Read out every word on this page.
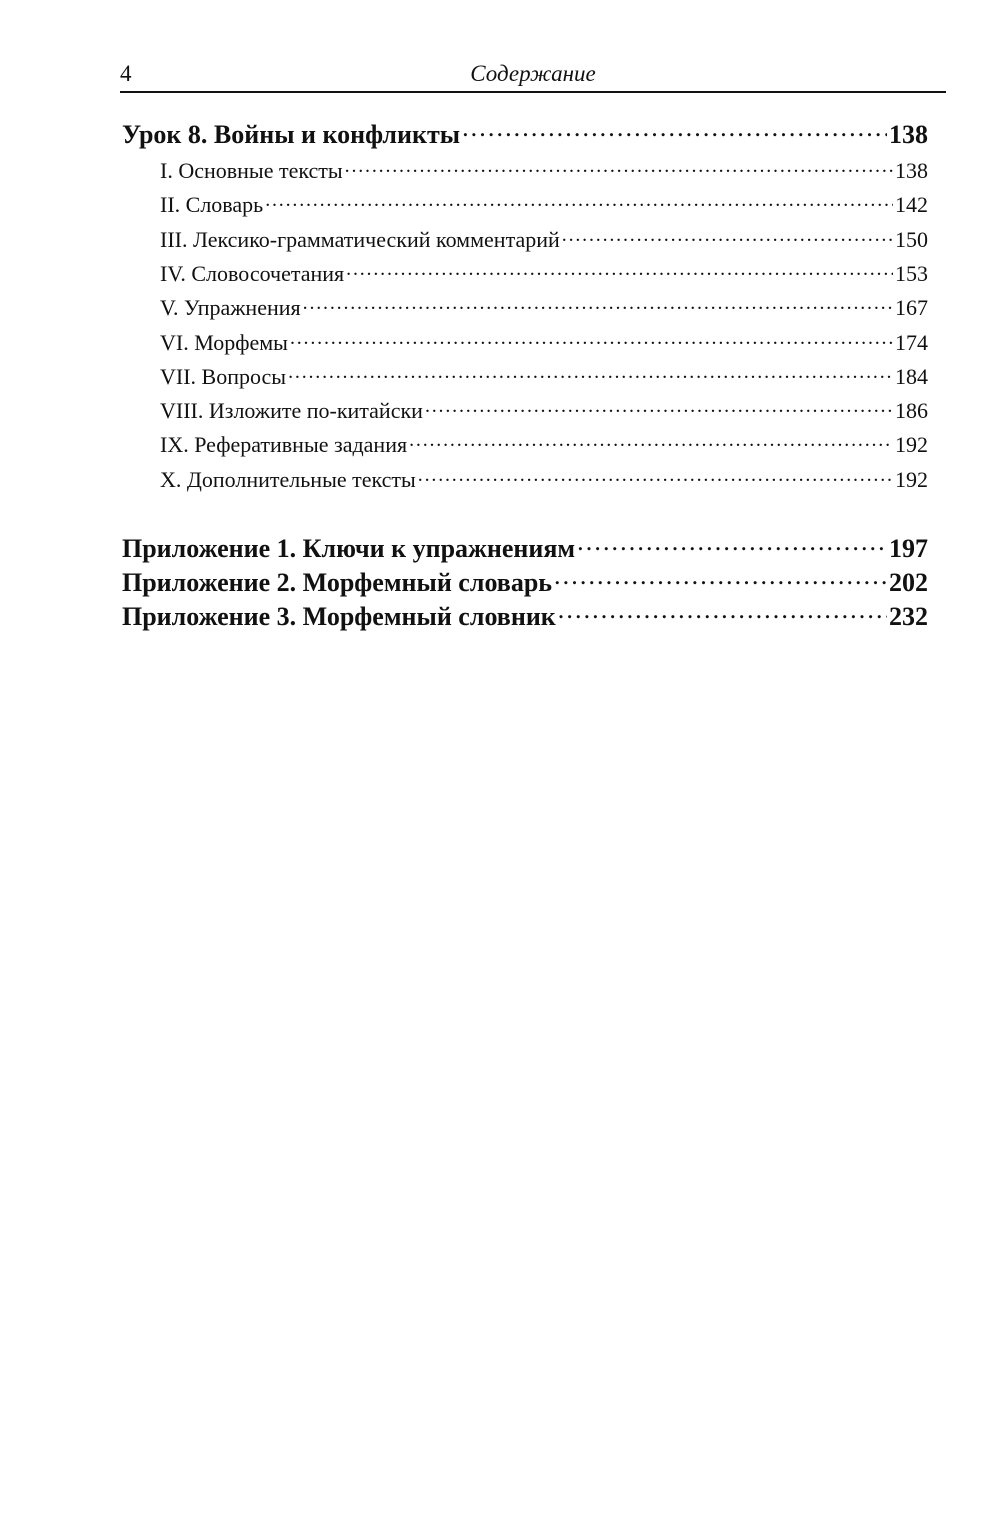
4	Содержание
Урок 8. Войны и конфликты . . .	138
I. Основные тексты . . .	138
II. Словарь . . .	142
III. Лексико-грамматический комментарий . . .	150
IV. Словосочетания . . .	153
V. Упражнения . . .	167
VI. Морфемы . . .	174
VII. Вопросы . . .	184
VIII. Изложите по-китайски . . .	186
IX. Реферативные задания . . .	192
X. Дополнительные тексты . . .	192
Приложение 1. Ключи к упражнениям . . .	197
Приложение 2. Морфемный словарь . . .	202
Приложение 3. Морфемный словник . . .	232
